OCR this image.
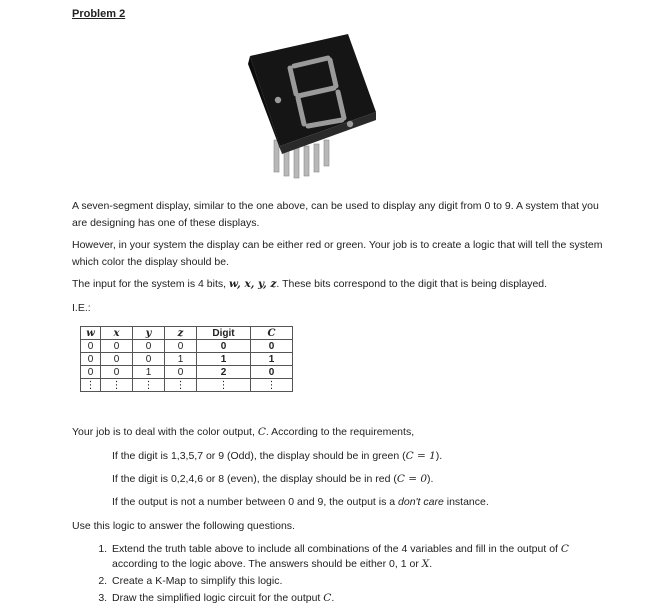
Problem 2
A seven-segment display, similar to the one above, can be used to display any digit from 0 to 9. A system that you are designing has one of these displays.
However, in your system the display can be either red or green. Your job is to create a logic that will tell the system which color the display should be.
The input for the system is 4 bits, w, x, y, z. These bits correspond to the digit that is being displayed.
I.E.:
w	x	y	z	Digit	C
0	0	0	0	0	0
0	0	0	1	1	1
0	0	1	0	2	0
⋮	⋮	⋮	⋮	⋮	⋮
Your job is to deal with the color output, C. According to the requirements,
If the digit is 1,3,5,7 or 9 (Odd), the display should be in green (C = 1).
If the digit is 0,2,4,6 or 8 (even), the display should be in red (C = 0).
If the output is not a number between 0 and 9, the output is a don't care instance.
Use this logic to answer the following questions.
1. Extend the truth table above to include all combinations of the 4 variables and fill in the output of C according to the logic above. The answers should be either 0, 1 or X.
2. Create a K-Map to simplify this logic.
3. Draw the simplified logic circuit for the output C.
